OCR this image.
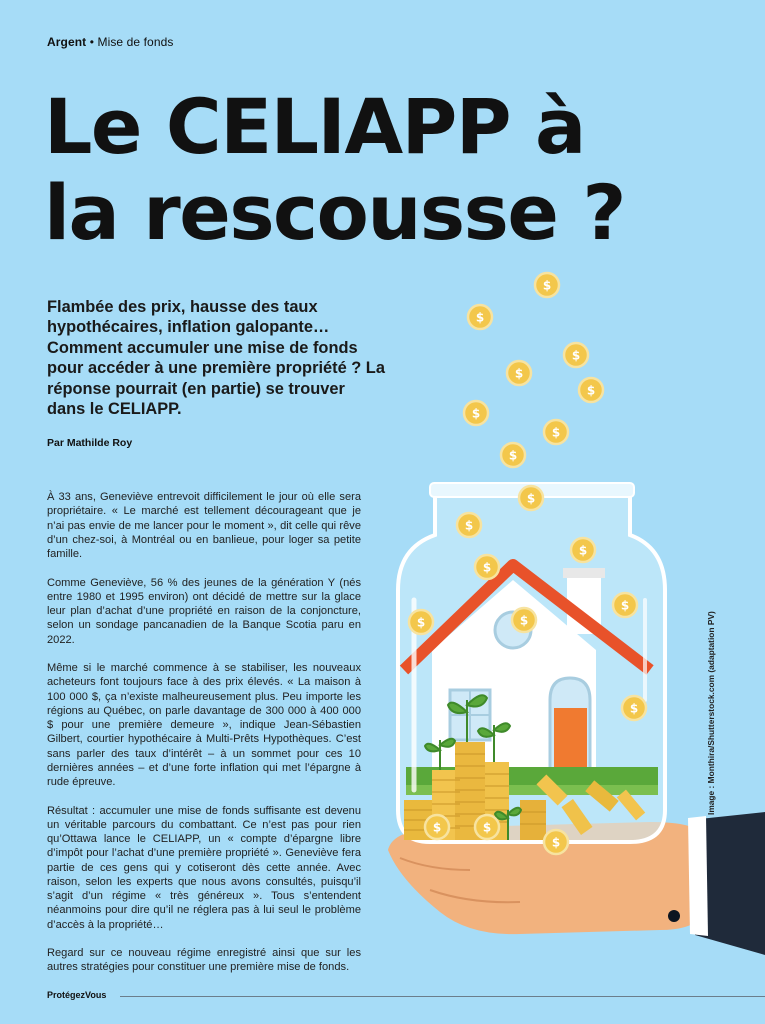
Argent • Mise de fonds
Le CELIAPP à
la rescousse ?

Flambée des prix, hausse des taux hypothécaires, inflation galopante… Comment accumuler une mise de fonds pour accéder à une première propriété ? La réponse pourrait (en partie) se trouver dans le CELIAPP.

Par Mathilde Roy

À 33 ans, Geneviève entrevoit difficilement le jour où elle sera propriétaire. « Le marché est tellement décourageant que je n’ai pas envie de me lancer pour le moment », dit celle qui rêve d’un chez-soi, à Montréal ou en banlieue, pour loger sa petite famille.

Comme Geneviève, 56 % des jeunes de la génération Y (nés entre 1980 et 1995 environ) ont décidé de mettre sur la glace leur plan d’achat d’une propriété en raison de la conjoncture, selon un sondage pancanadien de la Banque Scotia paru en 2022.

Même si le marché commence à se stabiliser, les nouveaux acheteurs font toujours face à des prix élevés. « La maison à 100 000 $, ça n’existe malheureusement plus. Peu importe les régions au Québec, on parle davantage de 300 000 à 400 000 $ pour une première demeure », indique Jean-Sébastien Gilbert, courtier hypothécaire à Multi-Prêts Hypothèques. C’est sans parler des taux d’intérêt – à un sommet pour ces 10 dernières années – et d’une forte inflation qui met l’épargne à rude épreuve.

Résultat : accumuler une mise de fonds suffisante est devenu un véritable parcours du combattant. Ce n’est pas pour rien qu’Ottawa lance le CELIAPP, un « compte d’épargne libre d’impôt pour l’achat d’une première propriété ». Geneviève fera partie de ces gens qui y cotiseront dès cette année. Avec raison, selon les experts que nous avons consultés, puisqu’il s’agit d’un régime « très généreux ». Tous s’entendent néanmoins pour dire qu’il ne réglera pas à lui seul le problème d’accès à la propriété…

Regard sur ce nouveau régime enregistré ainsi que sur les autres stratégies pour constituer une première mise de fonds.

$
$
$
$
$
$
$
$
$
$
$
$
$
$
$
$
$
$
$
Image : Monthira/Shutterstock.com (adaptation PV)
ProtégezVous
